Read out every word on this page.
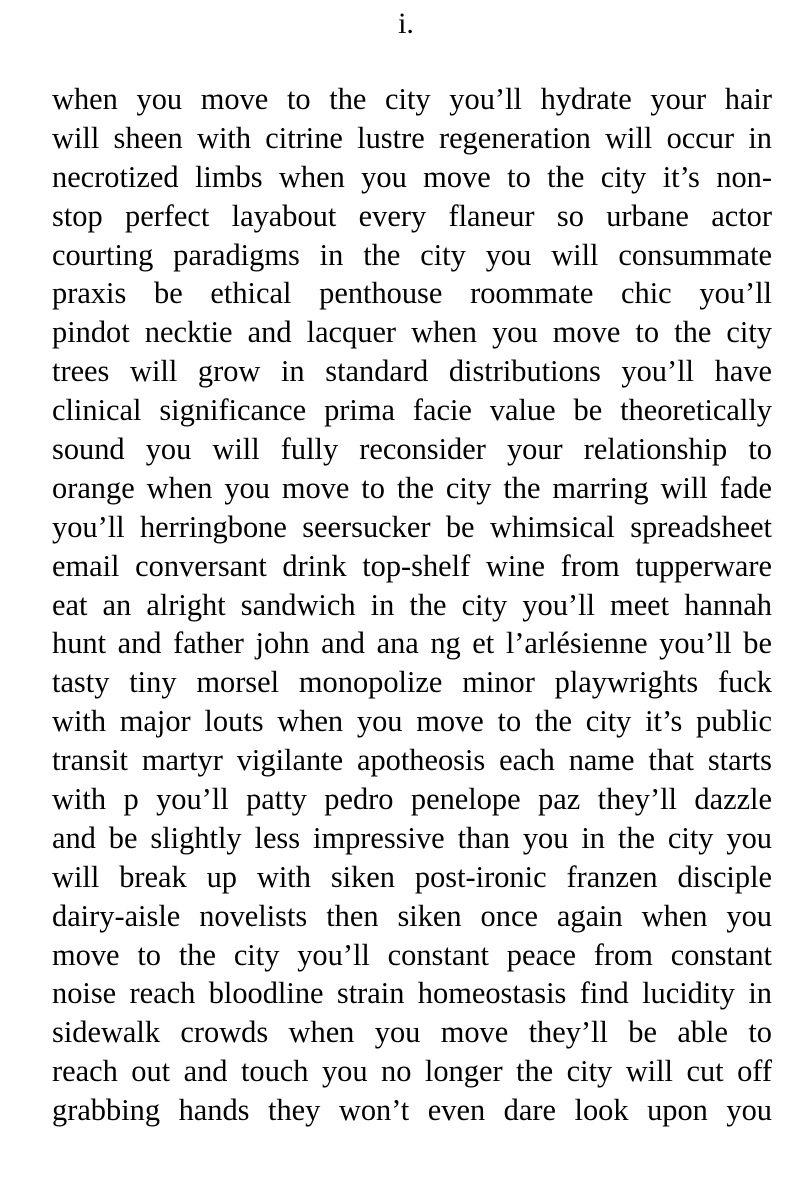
i.
when you move to the city you’ll hydrate your hair
will sheen with citrine lustre regeneration will occur in
necrotized limbs when you move to the city it’s non-
stop perfect layabout every flaneur so urbane actor
courting paradigms in the city you will consummate
praxis be ethical penthouse roommate chic you’ll
pindot necktie and lacquer when you move to the city
trees will grow in standard distributions you’ll have
clinical significance prima facie value be theoretically
sound you will fully reconsider your relationship to
orange when you move to the city the marring will fade
you’ll herringbone seersucker be whimsical spreadsheet
email conversant drink top-shelf wine from tupperware
eat an alright sandwich in the city you’ll meet hannah
hunt and father john and ana ng et l’arlésienne you’ll be
tasty tiny morsel monopolize minor playwrights fuck
with major louts when you move to the city it’s public
transit martyr vigilante apotheosis each name that starts
with p you’ll patty pedro penelope paz they’ll dazzle
and be slightly less impressive than you in the city you
will break up with siken post-ironic franzen disciple
dairy-aisle novelists then siken once again when you
move to the city you’ll constant peace from constant
noise reach bloodline strain homeostasis find lucidity in
sidewalk crowds when you move they’ll be able to
reach out and touch you no longer the city will cut off
grabbing hands they won’t even dare look upon you
